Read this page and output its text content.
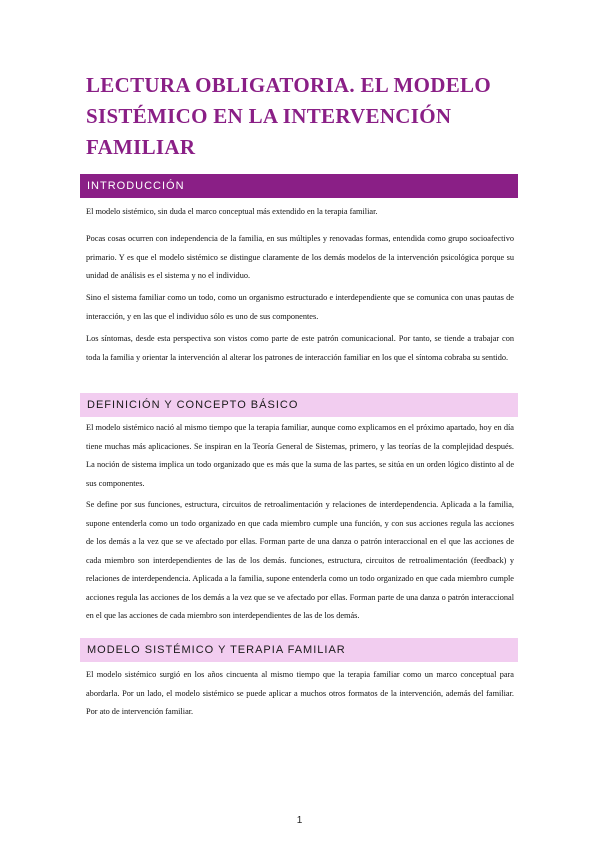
LECTURA OBLIGATORIA. EL MODELO
SISTÉMICO EN LA INTERVENCIÓN
FAMILIAR
INTRODUCCIÓN
El modelo sistémico, sin duda el marco conceptual más extendido en la terapia familiar.
Pocas cosas ocurren con independencia de la familia, en sus múltiples y renovadas formas, entendida como grupo socioafectivo primario. Y es que el modelo sistémico se distingue claramente de los demás modelos de la intervención psicológica porque su unidad de análisis es el sistema y no el individuo.
Sino el sistema familiar como un todo, como un organismo estructurado e interdependiente que se comunica con unas pautas de interacción, y en las que el individuo sólo es uno de sus componentes.
Los síntomas, desde esta perspectiva son vistos como parte de este patrón comunicacional. Por tanto, se tiende a trabajar con toda la familia y orientar la intervención al alterar los patrones de interacción familiar en los que el síntoma cobraba su sentido.
DEFINICIÓN Y CONCEPTO BÁSICO
El modelo sistémico nació al mismo tiempo que la terapia familiar, aunque como explicamos en el próximo apartado, hoy en día tiene muchas más aplicaciones. Se inspiran en la Teoría General de Sistemas, primero, y las teorías de la complejidad después. La noción de sistema implica un todo organizado que es más que la suma de las partes, se sitúa en un orden lógico distinto al de sus componentes.
Se define por sus funciones, estructura, circuitos de retroalimentación y relaciones de interdependencia. Aplicada a la familia, supone entenderla como un todo organizado en que cada miembro cumple una función, y con sus acciones regula las acciones de los demás a la vez que se ve afectado por ellas. Forman parte de una danza o patrón interaccional en el que las acciones de cada miembro son interdependientes de las de los demás. funciones, estructura, circuitos de retroalimentación (feedback) y relaciones de interdependencia. Aplicada a la familia, supone entenderla como un todo organizado en que cada miembro cumple acciones regula las acciones de los demás a la vez que se ve afectado por ellas. Forman parte de una danza o patrón interaccional en el que las acciones de cada miembro son interdependientes de las de los demás.
MODELO SISTÉMICO Y TERAPIA FAMILIAR
El modelo sistémico surgió en los años cincuenta al mismo tiempo que la terapia familiar como un marco conceptual para abordarla. Por un lado, el modelo sistémico se puede aplicar a muchos otros formatos de la intervención, además del familiar. Por ato de intervención familiar.
1
